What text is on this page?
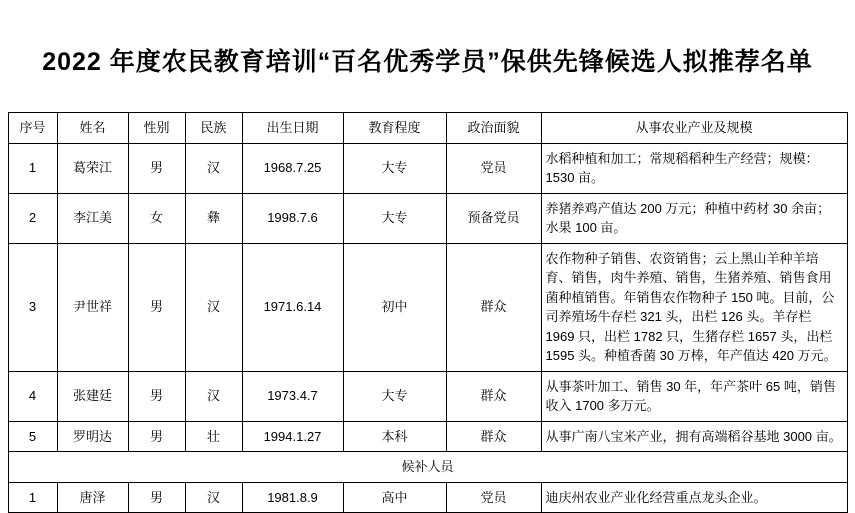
2022 年度农民教育培训“百名优秀学员”保供先锋候选人拟推荐名单
序号	姓名	性别	民族	出生日期	教育程度	政治面貌	从事农业产业及规模
1	葛荣江	男	汉	1968.7.25	大专	党员	水稻种植和加工；常规稻稻种生产经营；规模：1530 亩。
2	李江美	女	彝	1998.7.6	大专	预备党员	养猪养鸡产值达 200 万元；种植中药材 30 余亩；水果 100 亩。
3	尹世祥	男	汉	1971.6.14	初中	群众	农作物种子销售、农资销售；云上黑山羊种羊培育、销售，肉牛养殖、销售，生猪养殖、销售食用菌种植销售。年销售农作物种子 150 吨。目前，公司养殖场牛存栏 321 头，出栏 126 头。羊存栏 1969 只，出栏 1782 只，生猪存栏 1657 头，出栏 1595 头。种植香菌 30 万棒，年产值达 420 万元。
4	张建廷	男	汉	1973.4.7	大专	群众	从事茶叶加工、销售 30 年，年产茶叶 65 吨，销售收入 1700 多万元。
5	罗明达	男	壮	1994.1.27	本科	群众	从事广南八宝米产业，拥有高端稻谷基地 3000 亩。
候补人员							
1	唐泽	男	汉	1981.8.9	高中	党员	迪庆州农业产业化经营重点龙头企业。
